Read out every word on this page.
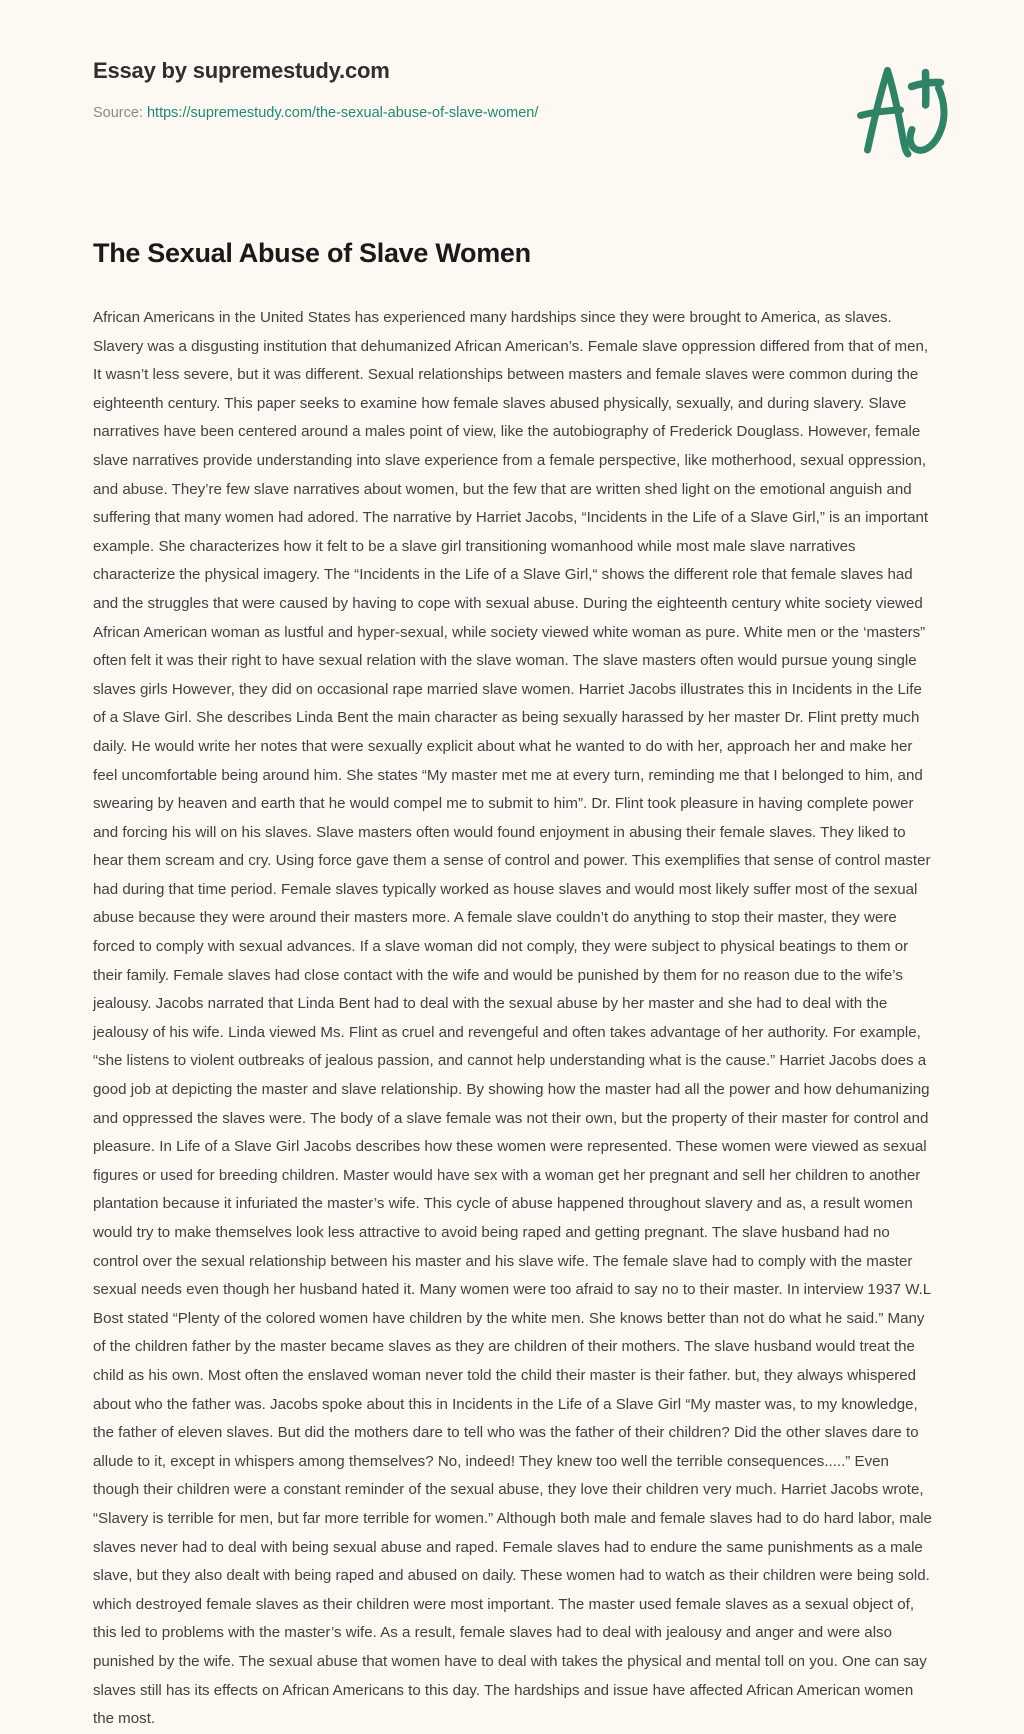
Essay by supremestudy.com
Source: https://supremestudy.com/the-sexual-abuse-of-slave-women/
The Sexual Abuse of Slave Women

African Americans in the United States has experienced many hardships since they were brought to America, as slaves. Slavery was a disgusting institution that dehumanized African American’s. Female slave oppression differed from that of men, It wasn’t less severe, but it was different. Sexual relationships between masters and female slaves were common during the eighteenth century. This paper seeks to examine how female slaves abused physically, sexually, and during slavery. Slave narratives have been centered around a males point of view, like the autobiography of Frederick Douglass. However, female slave narratives provide understanding into slave experience from a female perspective, like motherhood, sexual oppression, and abuse. They’re few slave narratives about women, but the few that are written shed light on the emotional anguish and suffering that many women had adored. The narrative by Harriet Jacobs, “Incidents in the Life of a Slave Girl,” is an important example. She characterizes how it felt to be a slave girl transitioning womanhood while most male slave narratives characterize the physical imagery. The “Incidents in the Life of a Slave Girl,“ shows the different role that female slaves had and the struggles that were caused by having to cope with sexual abuse. During the eighteenth century white society viewed African American woman as lustful and hyper-sexual, while society viewed white woman as pure. White men or the ‘masters” often felt it was their right to have sexual relation with the slave woman. The slave masters often would pursue young single slaves girls However, they did on occasional rape married slave women. Harriet Jacobs illustrates this in Incidents in the Life of a Slave Girl. She describes Linda Bent the main character as being sexually harassed by her master Dr. Flint pretty much daily. He would write her notes that were sexually explicit about what he wanted to do with her, approach her and make her feel uncomfortable being around him. She states “My master met me at every turn, reminding me that I belonged to him, and swearing by heaven and earth that he would compel me to submit to him”. Dr. Flint took pleasure in having complete power and forcing his will on his slaves. Slave masters often would found enjoyment in abusing their female slaves. They liked to hear them scream and cry. Using force gave them a sense of control and power. This exemplifies that sense of control master had during that time period. Female slaves typically worked as house slaves and would most likely suffer most of the sexual abuse because they were around their masters more. A female slave couldn’t do anything to stop their master, they were forced to comply with sexual advances. If a slave woman did not comply, they were subject to physical beatings to them or their family. Female slaves had close contact with the wife and would be punished by them for no reason due to the wife’s jealousy. Jacobs narrated that Linda Bent had to deal with the sexual abuse by her master and she had to deal with the jealousy of his wife. Linda viewed Ms. Flint as cruel and revengeful and often takes advantage of her authority. For example, “she listens to violent outbreaks of jealous passion, and cannot help understanding what is the cause.” Harriet Jacobs does a good job at depicting the master and slave relationship. By showing how the master had all the power and how dehumanizing and oppressed the slaves were. The body of a slave female was not their own, but the property of their master for control and pleasure. In Life of a Slave Girl Jacobs describes how these women were represented. These women were viewed as sexual figures or used for breeding children. Master would have sex with a woman get her pregnant and sell her children to another plantation because it infuriated the master’s wife. This cycle of abuse happened throughout slavery and as, a result women would try to make themselves look less attractive to avoid being raped and getting pregnant. The slave husband had no control over the sexual relationship between his master and his slave wife. The female slave had to comply with the master sexual needs even though her husband hated it. Many women were too afraid to say no to their master. In interview 1937 W.L Bost stated “Plenty of the colored women have children by the white men. She knows better than not do what he said.” Many of the children father by the master became slaves as they are children of their mothers. The slave husband would treat the child as his own. Most often the enslaved woman never told the child their master is their father. but, they always whispered about who the father was. Jacobs spoke about this in Incidents in the Life of a Slave Girl “My master was, to my knowledge, the father of eleven slaves. But did the mothers dare to tell who was the father of their children? Did the other slaves dare to allude to it, except in whispers among themselves? No, indeed! They knew too well the terrible consequences.....” Even though their children were a constant reminder of the sexual abuse, they love their children very much. Harriet Jacobs wrote, “Slavery is terrible for men, but far more terrible for women.” Although both male and female slaves had to do hard labor, male slaves never had to deal with being sexual abuse and raped. Female slaves had to endure the same punishments as a male slave, but they also dealt with being raped and abused on daily. These women had to watch as their children were being sold. which destroyed female slaves as their children were most important. The master used female slaves as a sexual object of, this led to problems with the master’s wife. As a result, female slaves had to deal with jealousy and anger and were also punished by the wife. The sexual abuse that women have to deal with takes the physical and mental toll on you. One can say slaves still has its effects on African Americans to this day. The hardships and issue have affected African American women the most.
